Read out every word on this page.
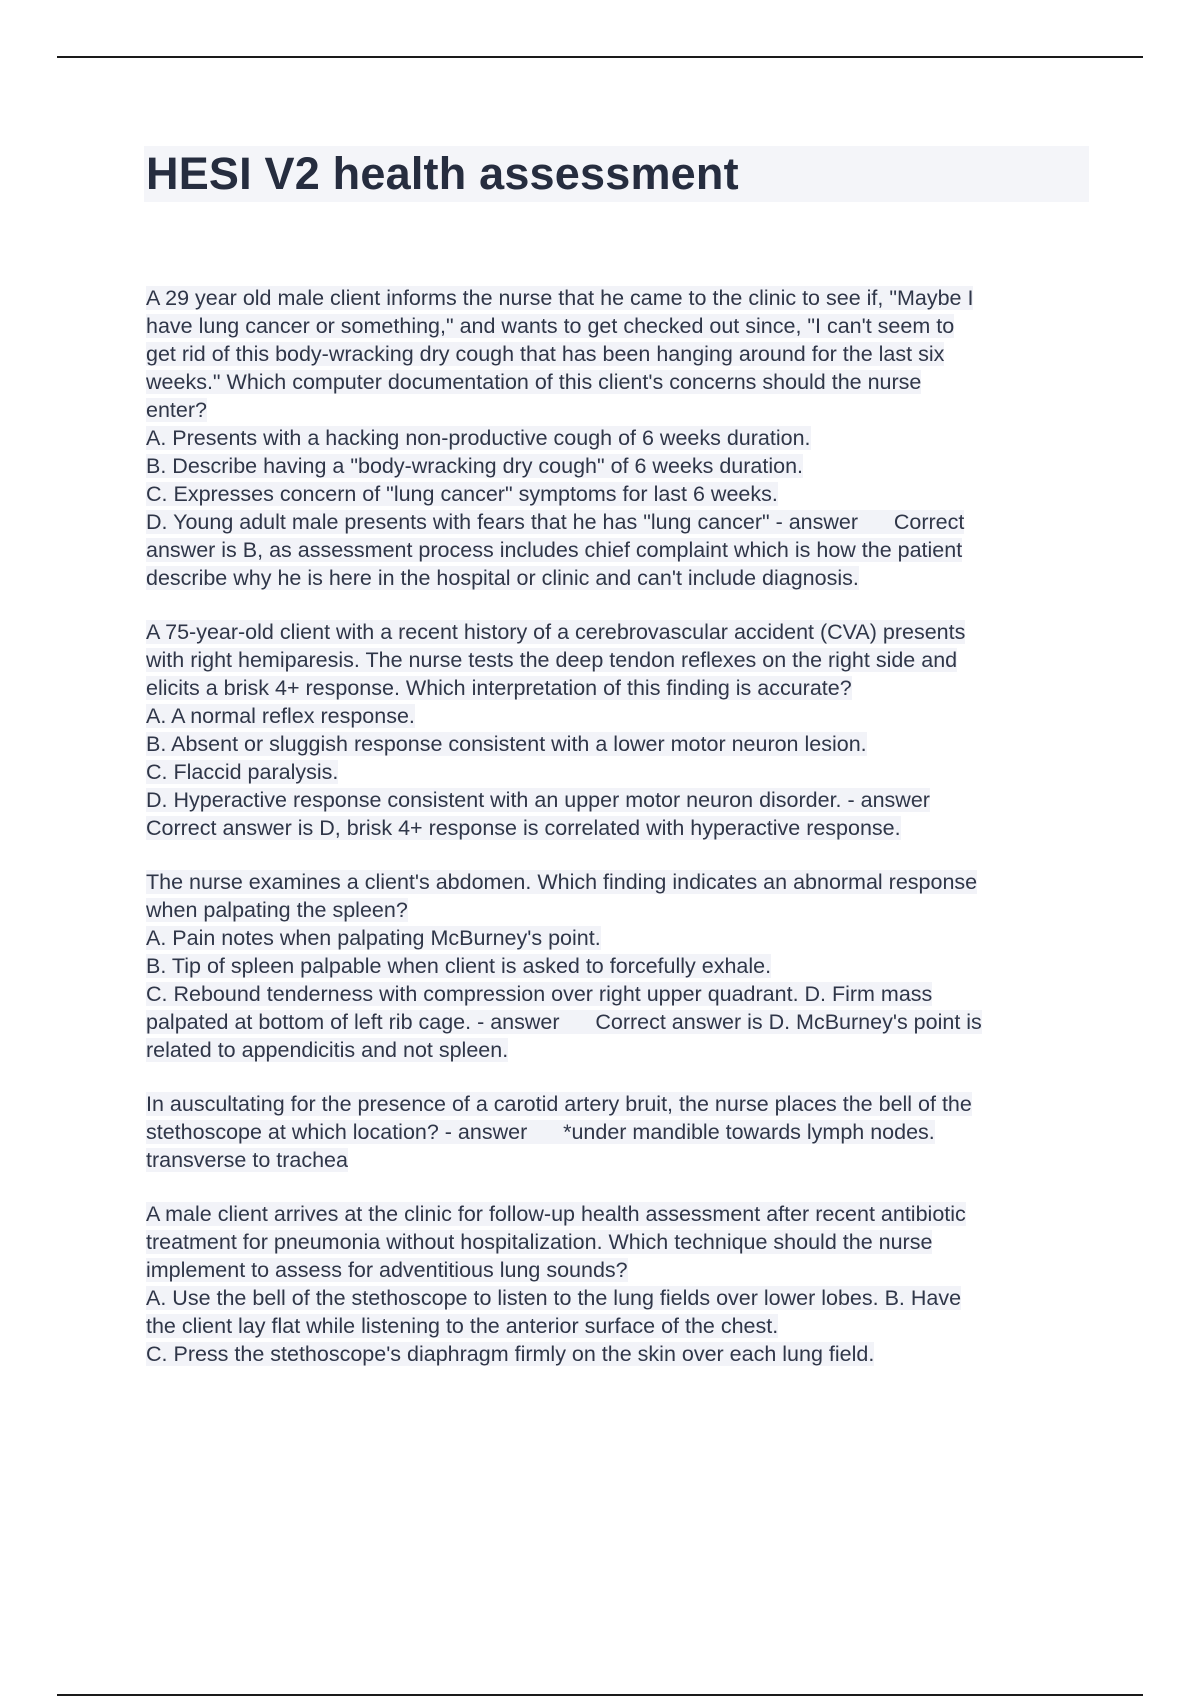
HESI V2 health assessment
A 29 year old male client informs the nurse that he came to the clinic to see if, "Maybe I
have lung cancer or something," and wants to get checked out since, "I can't seem to
get rid of this body-wracking dry cough that has been hanging around for the last six
weeks." Which computer documentation of this client's concerns should the nurse
enter?
A. Presents with a hacking non-productive cough of 6 weeks duration.
B. Describe having a "body-wracking dry cough" of 6 weeks duration.
C. Expresses concern of "lung cancer" symptoms for last 6 weeks.
D. Young adult male presents with fears that he has "lung cancer" - answer      Correct
answer is B, as assessment process includes chief complaint which is how the patient
describe why he is here in the hospital or clinic and can't include diagnosis.
A 75-year-old client with a recent history of a cerebrovascular accident (CVA) presents
with right hemiparesis. The nurse tests the deep tendon reflexes on the right side and
elicits a brisk 4+ response. Which interpretation of this finding is accurate?
A. A normal reflex response.
B. Absent or sluggish response consistent with a lower motor neuron lesion.
C. Flaccid paralysis.
D. Hyperactive response consistent with an upper motor neuron disorder. - answer
Correct answer is D, brisk 4+ response is correlated with hyperactive response.
The nurse examines a client's abdomen. Which finding indicates an abnormal response
when palpating the spleen?
A. Pain notes when palpating McBurney's point.
B. Tip of spleen palpable when client is asked to forcefully exhale.
C. Rebound tenderness with compression over right upper quadrant. D. Firm mass
palpated at bottom of left rib cage. - answer      Correct answer is D. McBurney's point is
related to appendicitis and not spleen.
In auscultating for the presence of a carotid artery bruit, the nurse places the bell of the
stethoscope at which location? - answer      *under mandible towards lymph nodes.
transverse to trachea
A male client arrives at the clinic for follow-up health assessment after recent antibiotic
treatment for pneumonia without hospitalization. Which technique should the nurse
implement to assess for adventitious lung sounds?
A. Use the bell of the stethoscope to listen to the lung fields over lower lobes. B. Have
the client lay flat while listening to the anterior surface of the chest.
C. Press the stethoscope's diaphragm firmly on the skin over each lung field.
